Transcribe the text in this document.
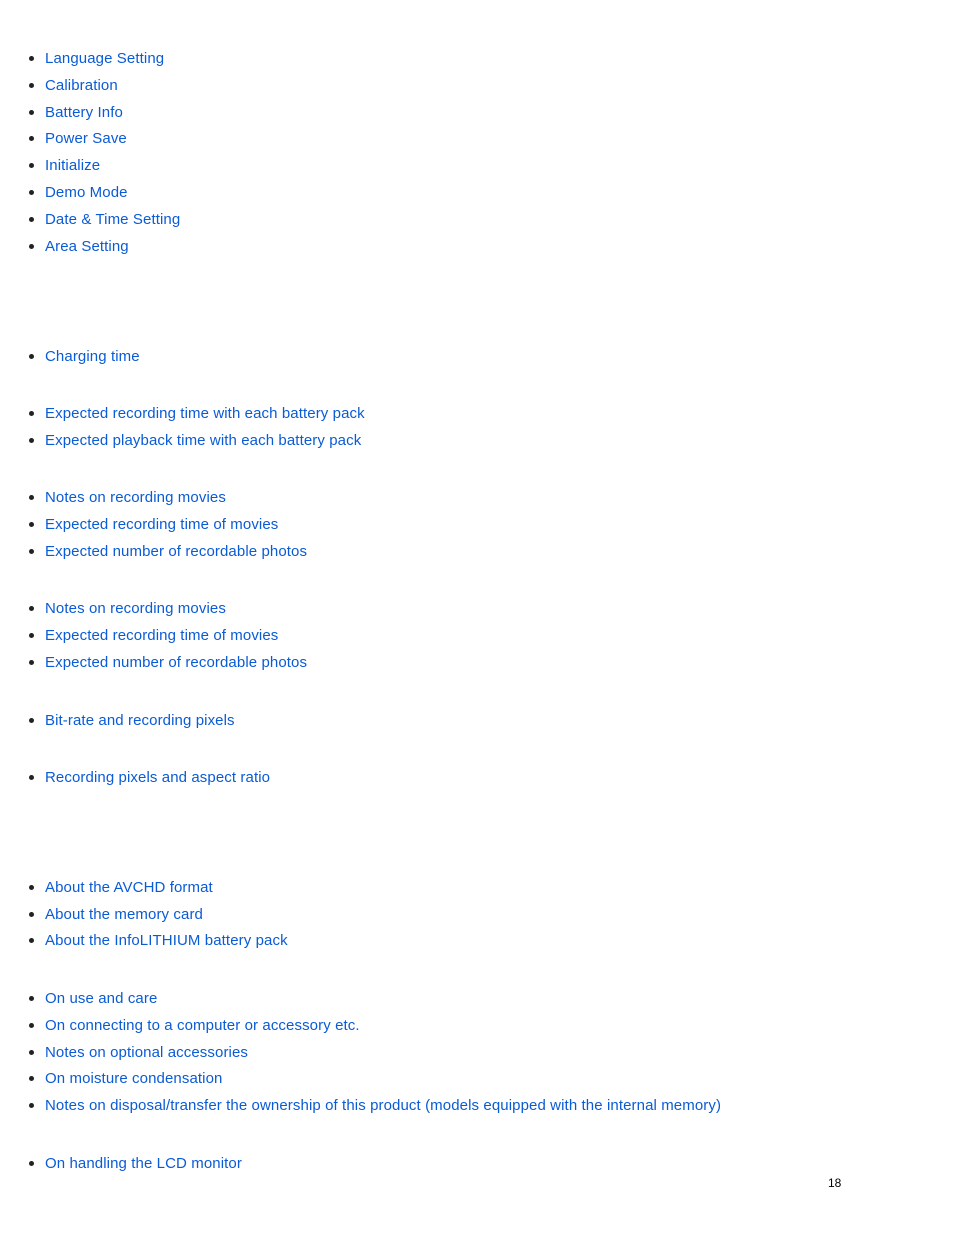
Language Setting
Calibration
Battery Info
Power Save
Initialize
Demo Mode
Date & Time Setting
Area Setting
Charging time
Expected recording time with each battery pack
Expected playback time with each battery pack
Notes on recording movies
Expected recording time of movies
Expected number of recordable photos
Notes on recording movies
Expected recording time of movies
Expected number of recordable photos
Bit-rate and recording pixels
Recording pixels and aspect ratio
About the AVCHD format
About the memory card
About the InfoLITHIUM battery pack
On use and care
On connecting to a computer or accessory etc.
Notes on optional accessories
On moisture condensation
Notes on disposal/transfer the ownership of this product (models equipped with the internal memory)
On handling the LCD monitor
18
